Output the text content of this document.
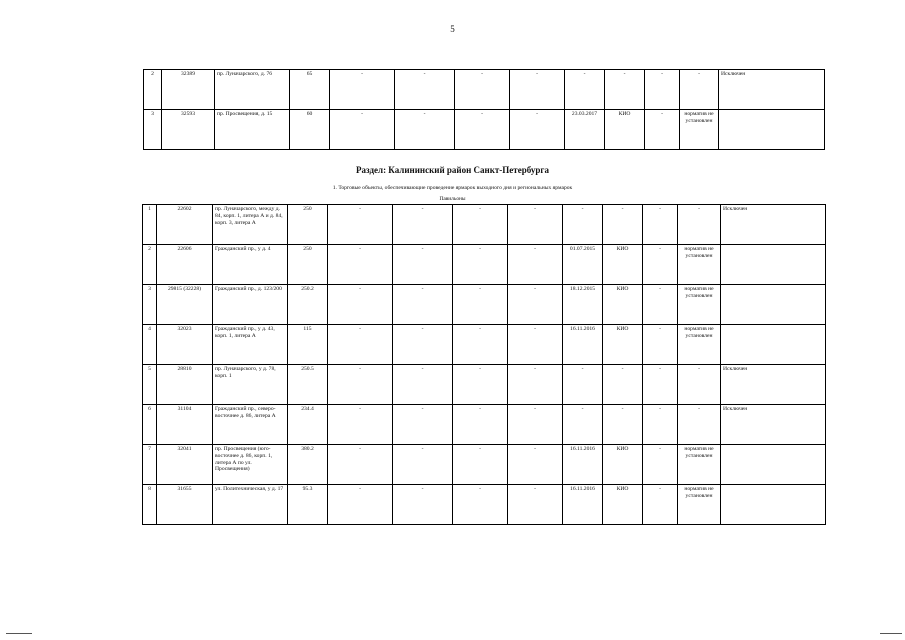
5
2	32389	пр. Луначарского, д. 76	65	-	-	-	-	-	-	-	-	Исключен
3	32593	пр. Просвещения, д. 15	60	-	-	-	-	23.03.2017	КИО	-	норматив не установлен	
Раздел: Калининский район Санкт-Петербурга
1. Торговые объекты, обеспечивающие проведение ярмарок выходного дня и региональных ярмарок
Павильоны
1	22602	пр. Луначарского, между д. 84, корп. 1, литера А и д. 84, корп. 3, литера А	250	-	-	-	-	-	-	-	-	Исключен
2	22606	Гражданский пр., у д. 4	250	-	-	-	-	01.07.2015	КИО	-	норматив не установлен	
3	29815 (32228)	Гражданский пр., д. 123/200	250.2	-	-	-	-	18.12.2015	КИО	-	норматив не установлен	
4	32023	Гражданский пр., у д. 43, корп. 1, литера А	115	-	-	-	-	16.11.2016	КИО	-	норматив не установлен	
5	28810	пр. Луначарского, у д. 78, корп. 1	250.5	-	-	-	-	-	-	-	-	Исключен
6	31104	Гражданский пр., северо-восточнее д. 86, литера А	234.4	-	-	-	-	-	-	-	-	Исключен
7	32041	пр. Просвещения (юго-восточнее д. 86, корп. 1, литера А по ул. Просвещения)	380.2	-	-	-	-	16.11.2016	КИО	-	норматив не установлен	
8	31655	ул. Политехническая, у д. 17	95.3	-	-	-	-	16.11.2016	КИО	-	норматив не установлен	
